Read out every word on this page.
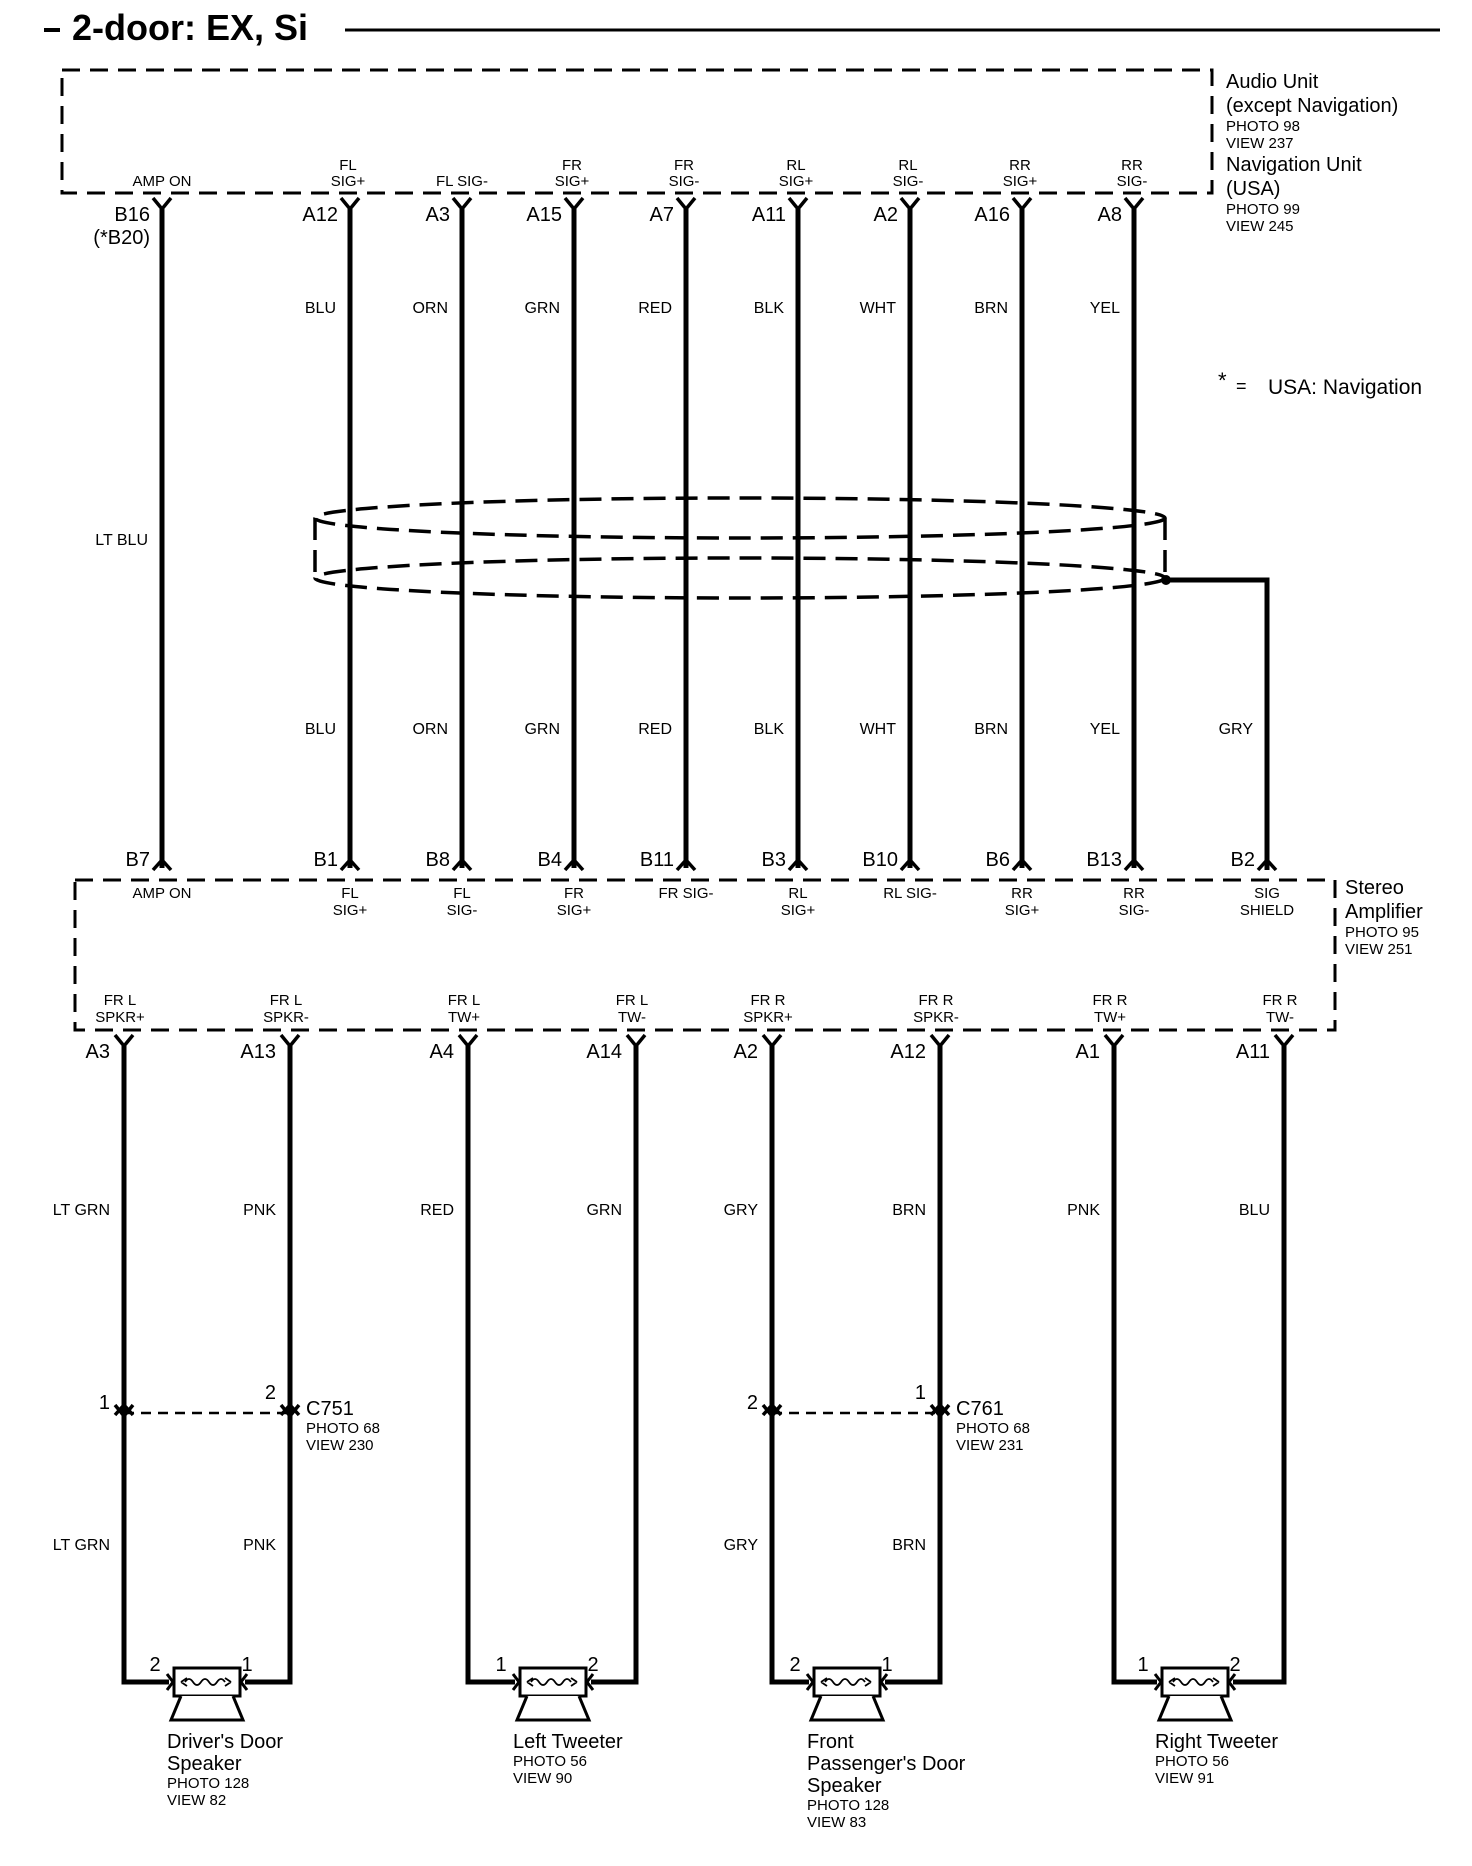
2-door: EX, Si
Audio Unit
(except Navigation)
PHOTO 98
VIEW 237
Navigation Unit
(USA)
PHOTO 99
VIEW 245
Stereo
Amplifier
PHOTO 95
VIEW 251
AMP ON
B16
(*B20)
FL
SIG+
A12
FL SIG-
A3
FR
SIG+
A15
FR
SIG-
A7
RL
SIG+
A11
RL
SIG-
A2
RR
SIG+
A16
RR
SIG-
A8
LT BLU
BLU	ORN	GRN	RED	BLK	WHT	BRN	YEL
BLU	ORN	GRN	RED	BLK	WHT	BRN	YEL	GRY
B7
AMP ON
B1
FL
SIG+
B8
FL
SIG-
B4
FR
SIG+
B11
FR SIG-
B3
RL
SIG+
B10
RL SIG-
B6
RR
SIG+
B13
RR
SIG-
B2
SIG
SHIELD
FR L
SPKR+
A3
FR L
SPKR-
A13
FR L
TW+
A4
FR L
TW-
A14
FR R
SPKR+
A2
FR R
SPKR-
A12
FR R
TW+
A1
FR R
TW-
A11
LT GRN	PNK	RED	GRN	GRY	BRN	PNK	BLU
1	2
C751
PHOTO 68
VIEW 230
LT GRN	PNK
2	1
C761
PHOTO 68
VIEW 231
GRY	BRN
2	1
Driver's Door
Speaker
PHOTO 128
VIEW 82
1	2
Left Tweeter
PHOTO 56
VIEW 90
2	1
Front
Passenger's Door
Speaker
PHOTO 128
VIEW 83
1	2
Right Tweeter
PHOTO 56
VIEW 91
* = USA: Navigation
